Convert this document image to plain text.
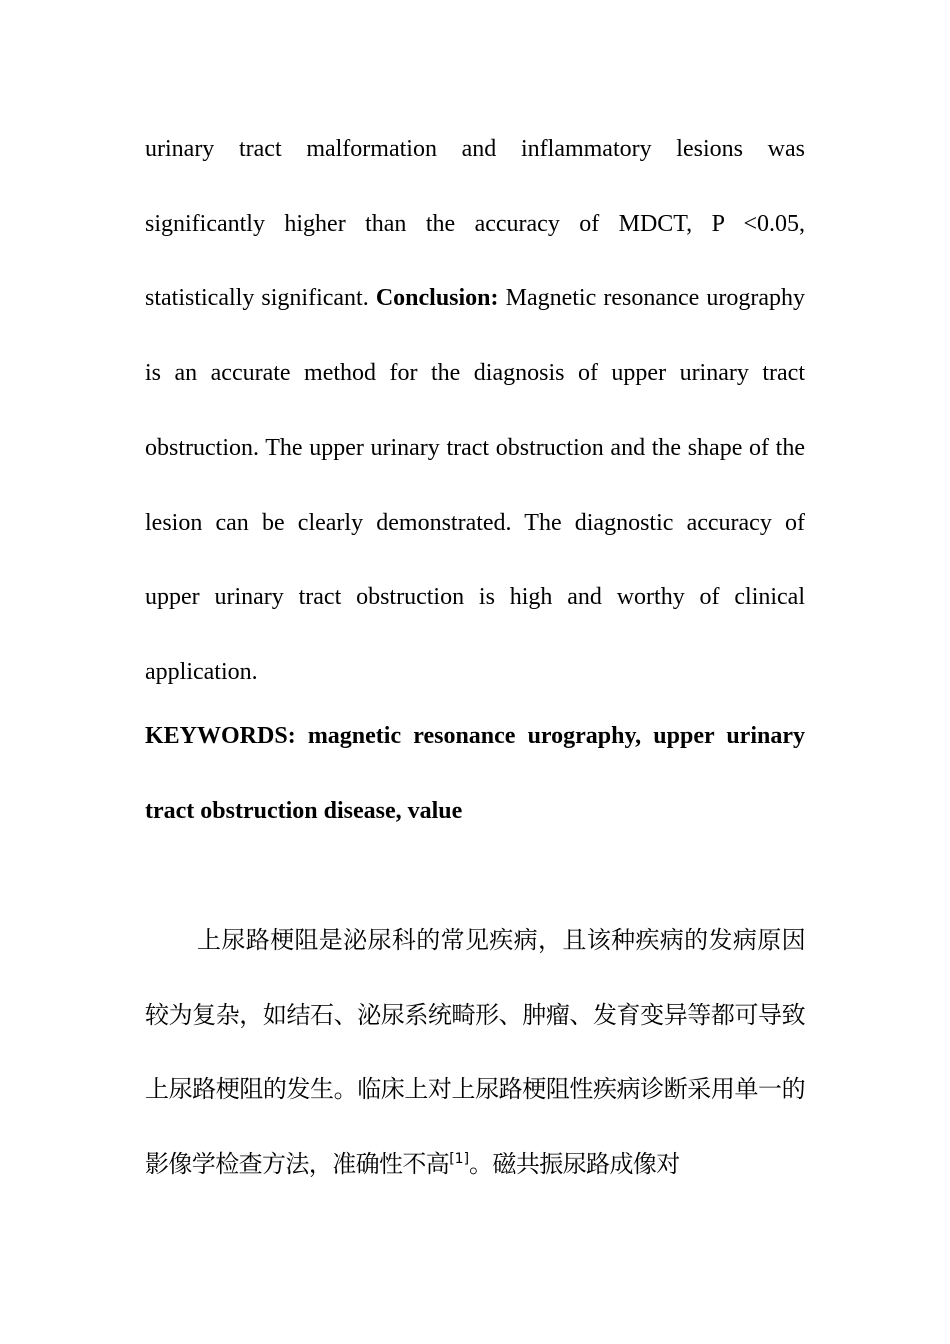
urinary tract malformation and inflammatory lesions was significantly higher than the accuracy of MDCT, P <0.05, statistically significant. Conclusion: Magnetic resonance urography is an accurate method for the diagnosis of upper urinary tract obstruction. The upper urinary tract obstruction and the shape of the lesion can be clearly demonstrated. The diagnostic accuracy of upper urinary tract obstruction is high and worthy of clinical application.

KEYWORDS: magnetic resonance urography, upper urinary tract obstruction disease, value

上尿路梗阻是泌尿科的常见疾病，且该种疾病的发病原因较为复杂，如结石、泌尿系统畸形、肿瘤、发育变异等都可导致上尿路梗阻的发生。临床上对上尿路梗阻性疾病诊断采用单一的影像学检查方法，准确性不高[1]。磁共振尿路成像对
